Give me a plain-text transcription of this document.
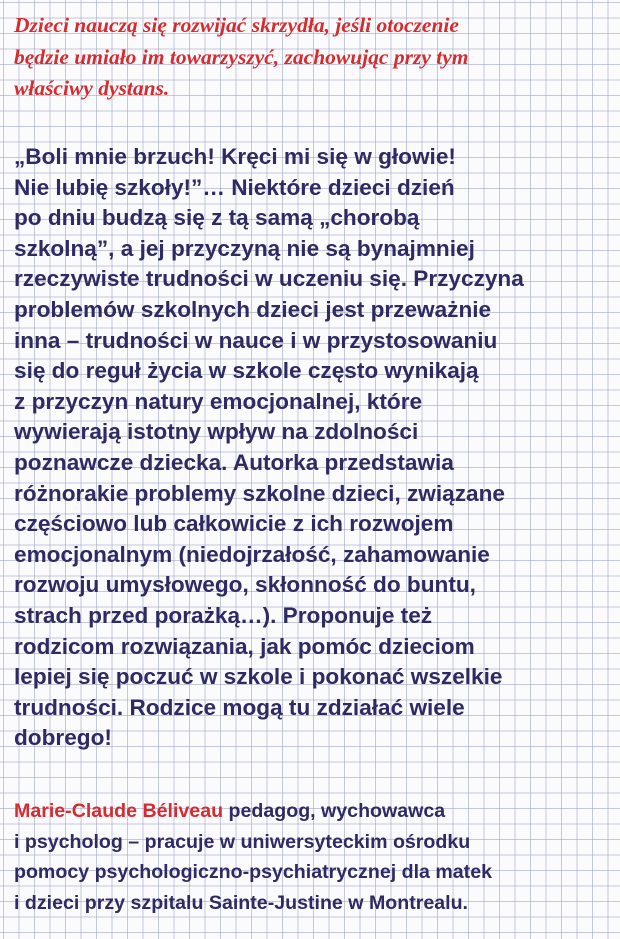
Dzieci nauczą się rozwijać skrzydła, jeśli otoczenie
będzie umiało im towarzyszyć, zachowując przy tym
właściwy dystans.

„Boli mnie brzuch! Kręci mi się w głowie!
Nie lubię szkoły!”… Niektóre dzieci dzień
po dniu budzą się z tą samą „chorobą
szkolną”, a jej przyczyną nie są bynajmniej
rzeczywiste trudności w uczeniu się. Przyczyna
problemów szkolnych dzieci jest przeważnie
inna – trudności w nauce i w przystosowaniu
się do reguł życia w szkole często wynikają
z przyczyn natury emocjonalnej, które
wywierają istotny wpływ na zdolności
poznawcze dziecka. Autorka przedstawia
różnorakie problemy szkolne dzieci, związane
częściowo lub całkowicie z ich rozwojem
emocjonalnym (niedojrzałość, zahamowanie
rozwoju umysłowego, skłonność do buntu,
strach przed porażką…). Proponuje też
rodzicom rozwiązania, jak pomóc dzieciom
lepiej się poczuć w szkole i pokonać wszelkie
trudności. Rodzice mogą tu zdziałać wiele
dobrego!

Marie-Claude Béliveau pedagog, wychowawca
i psycholog – pracuje w uniwersyteckim ośrodku
pomocy psychologiczno-psychiatrycznej dla matek
i dzieci przy szpitalu Sainte-Justine w Montrealu.
